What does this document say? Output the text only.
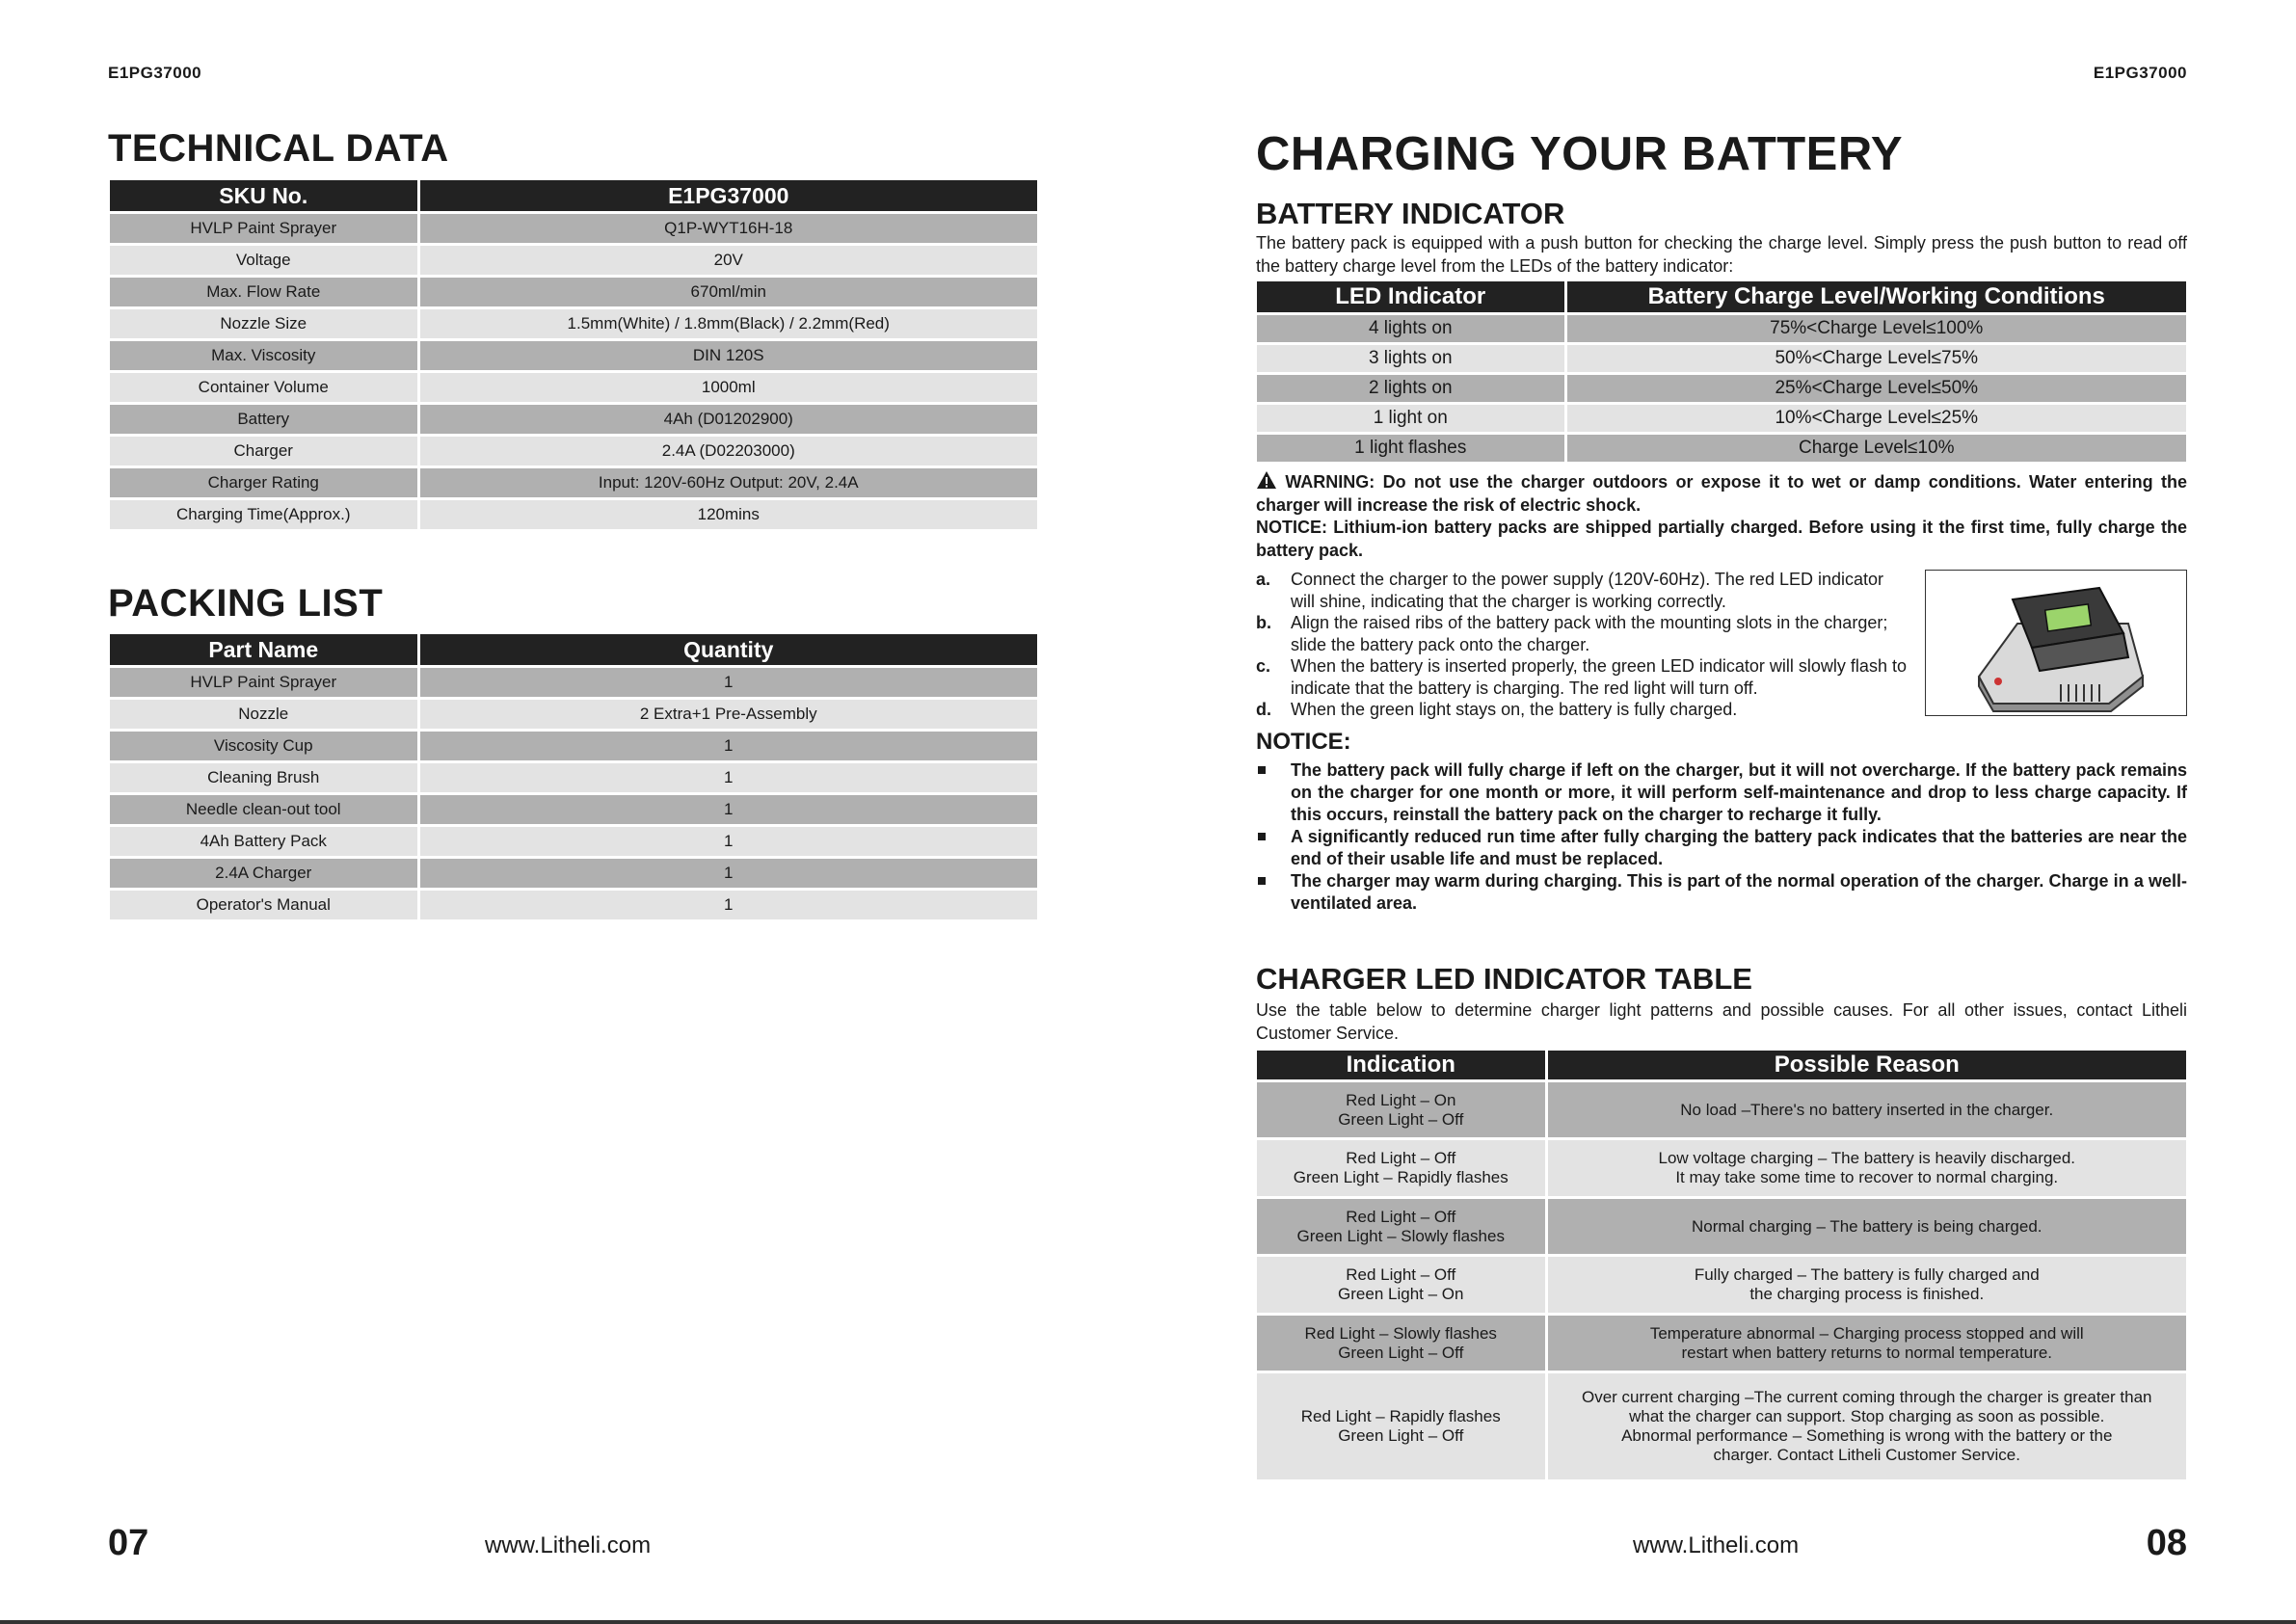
E1PG37000
TECHNICAL DATA
SKU No.	E1PG37000
HVLP Paint Sprayer	Q1P-WYT16H-18
Voltage	20V
Max. Flow Rate	670ml/min
Nozzle Size	1.5mm(White) / 1.8mm(Black) / 2.2mm(Red)
Max. Viscosity	DIN 120S
Container Volume	1000ml
Battery	4Ah (D01202900)
Charger	2.4A (D02203000)
Charger Rating	Input: 120V-60Hz Output: 20V, 2.4A
Charging Time(Approx.)	120mins
PACKING LIST
Part Name	Quantity
HVLP Paint Sprayer	1
Nozzle	2 Extra+1 Pre-Assembly
Viscosity Cup	1
Cleaning Brush	1
Needle clean-out tool	1
4Ah Battery Pack	1
2.4A Charger	1
Operator's Manual	1
07	www.Litheli.com
E1PG37000
CHARGING YOUR BATTERY
BATTERY INDICATOR

The battery pack is equipped with a push button for checking the charge level. Simply press the push button to read off the battery charge level from the LEDs of the battery indicator:

LED Indicator	Battery Charge Level/Working Conditions
4 lights on	75%<Charge Level≤100%
3 lights on	50%<Charge Level≤75%
2 lights on	25%<Charge Level≤50%
1 light on	10%<Charge Level≤25%
1 light flashes	Charge Level≤10%

WARNING: Do not use the charger outdoors or expose it to wet or damp conditions. Water entering the charger will increase the risk of electric shock.

NOTICE: Lithium-ion battery packs are shipped partially charged. Before using it the first time, fully charge the battery pack.

a. Connect the charger to the power supply (120V-60Hz). The red LED indicator will shine, indicating that the charger is working correctly.
b. Align the raised ribs of the battery pack with the mounting slots in the charger; slide the battery pack onto the charger.
c. When the battery is inserted properly, the green LED indicator will slowly flash to indicate that the battery is charging. The red light will turn off.
d. When the green light stays on, the battery is fully charged.
NOTICE:
The battery pack will fully charge if left on the charger, but it will not overcharge. If the battery pack remains on the charger for one month or more, it will perform self-maintenance and drop to less charge capacity. If this occurs, reinstall the battery pack on the charger to recharge it fully.
A significantly reduced run time after fully charging the battery pack indicates that the batteries are near the end of their usable life and must be replaced.
The charger may warm during charging. This is part of the normal operation of the charger. Charge in a well-ventilated area.
CHARGER LED INDICATOR TABLE

Use the table below to determine charger light patterns and possible causes. For all other issues, contact Litheli Customer Service.

Indication	Possible Reason
Red Light – On
Green Light – Off	No load –There's no battery inserted in the charger.
Red Light – Off
Green Light – Rapidly flashes	Low voltage charging – The battery is heavily discharged.
It may take some time to recover to normal charging.
Red Light – Off
Green Light – Slowly flashes	Normal charging – The battery is being charged.
Red Light – Off
Green Light – On	Fully charged – The battery is fully charged and
the charging process is finished.
Red Light – Slowly flashes
Green Light – Off	Temperature abnormal – Charging process stopped and will
restart when battery returns to normal temperature.
Red Light – Rapidly flashes
Green Light – Off	Over current charging –The current coming through the charger is greater than
what the charger can support. Stop charging as soon as possible.
Abnormal performance – Something is wrong with the battery or the
charger. Contact Litheli Customer Service.
www.Litheli.com	08
